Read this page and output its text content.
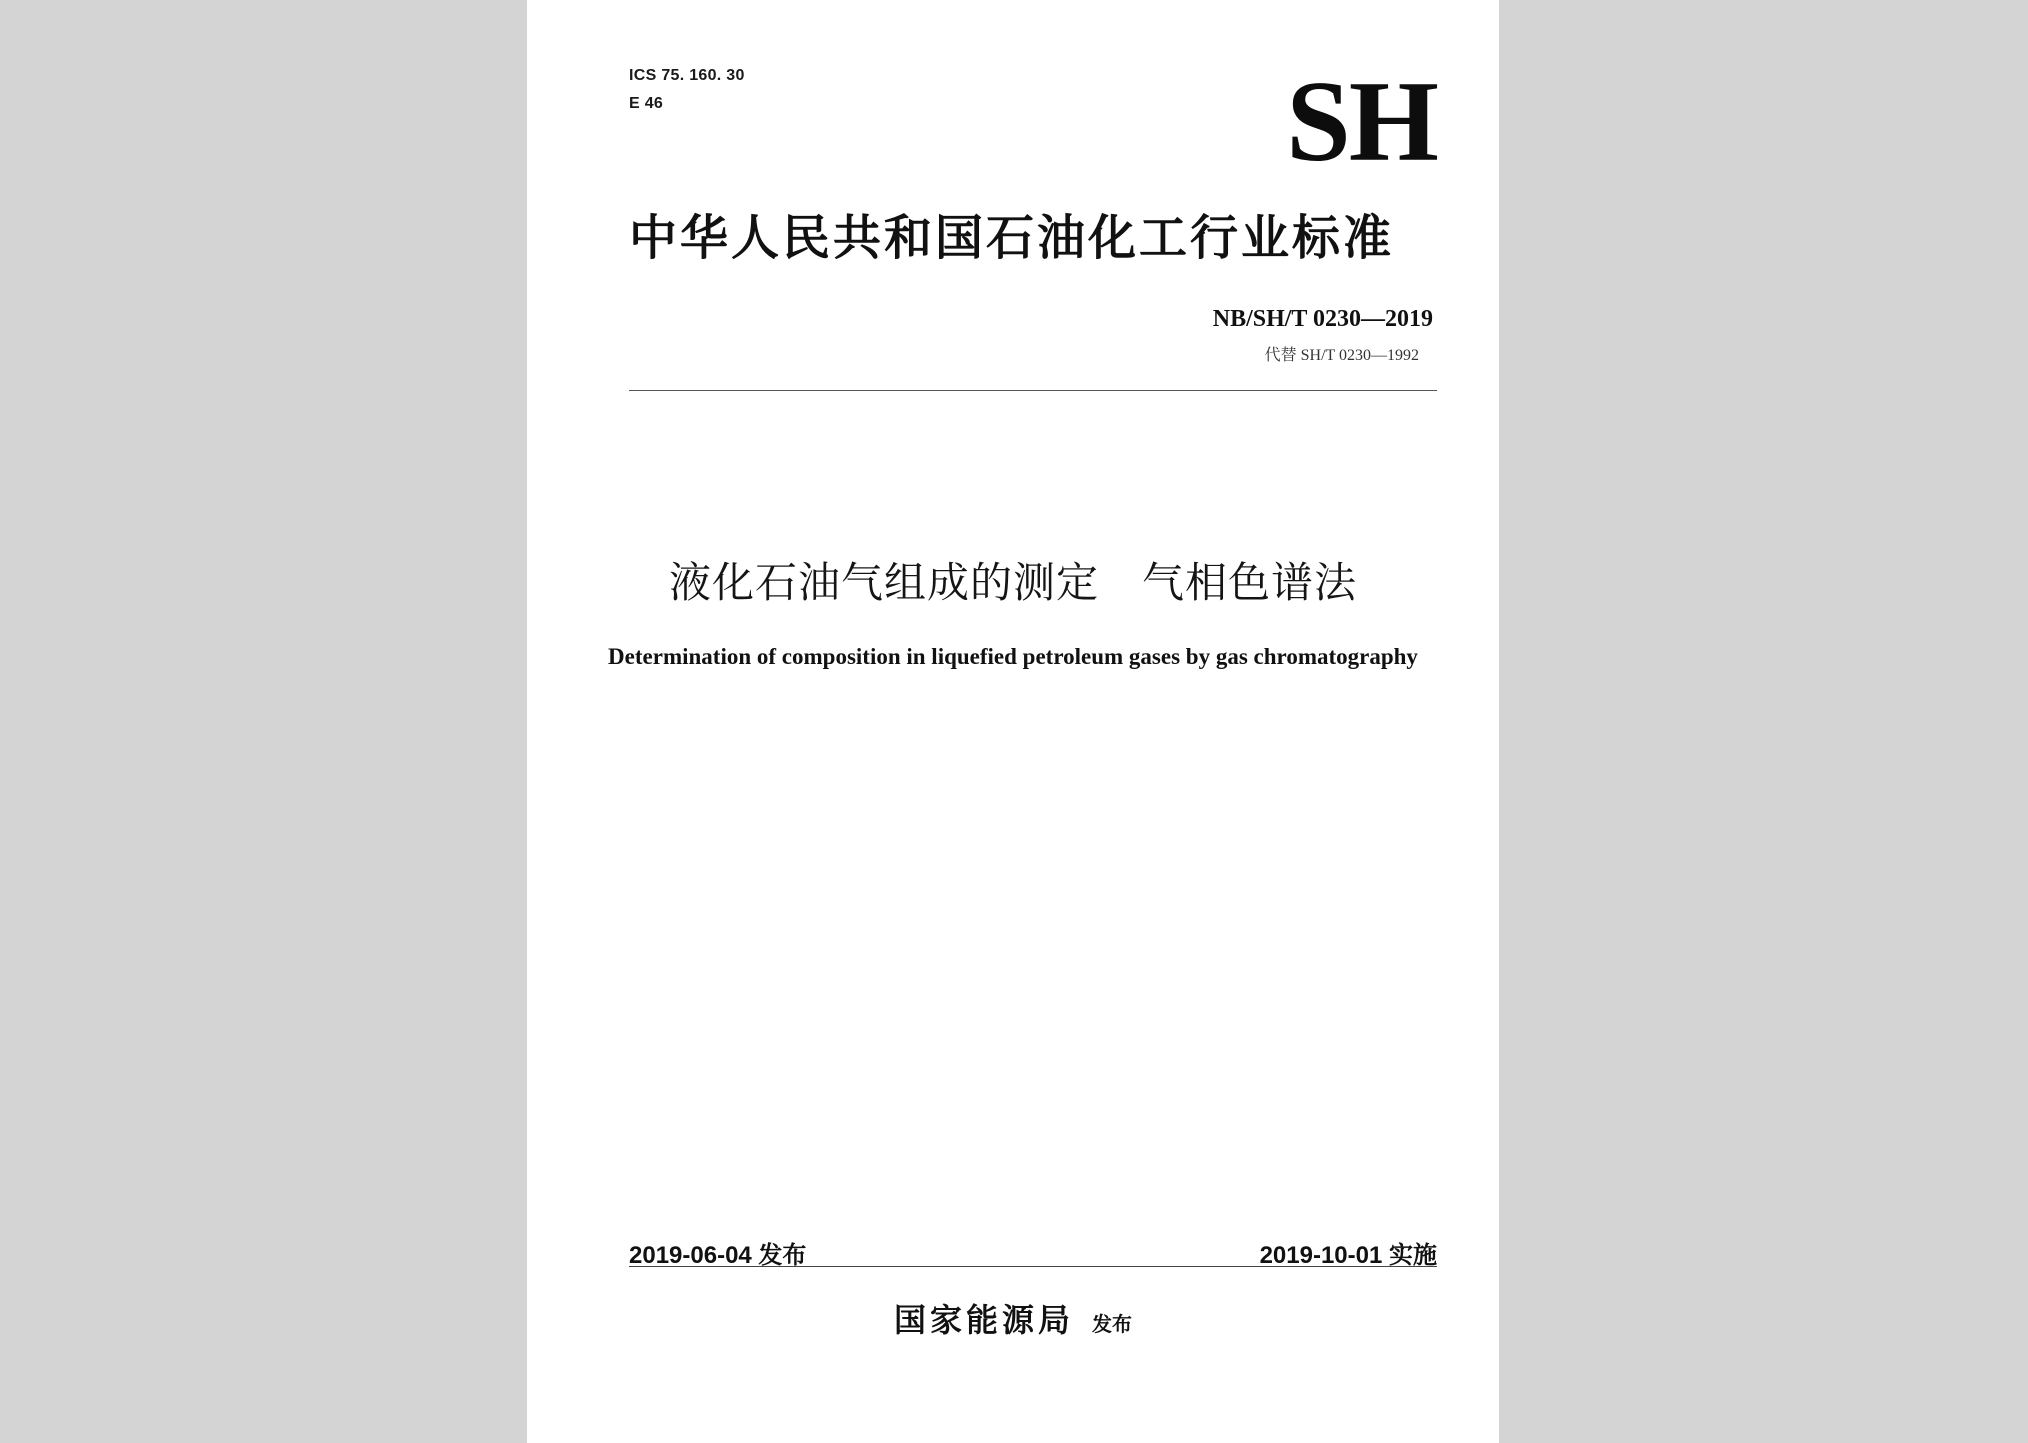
ICS 75. 160. 30
E 46	SH
中华人民共和国石油化工行业标准
NB/SH/T 0230—2019
代替 SH/T 0230—1992
液化石油气组成的测定　气相色谱法
Determination of composition in liquefied petroleum gases by gas chromatography
2019-06-04 发布	2019-10-01 实施
国家能源局 发布
